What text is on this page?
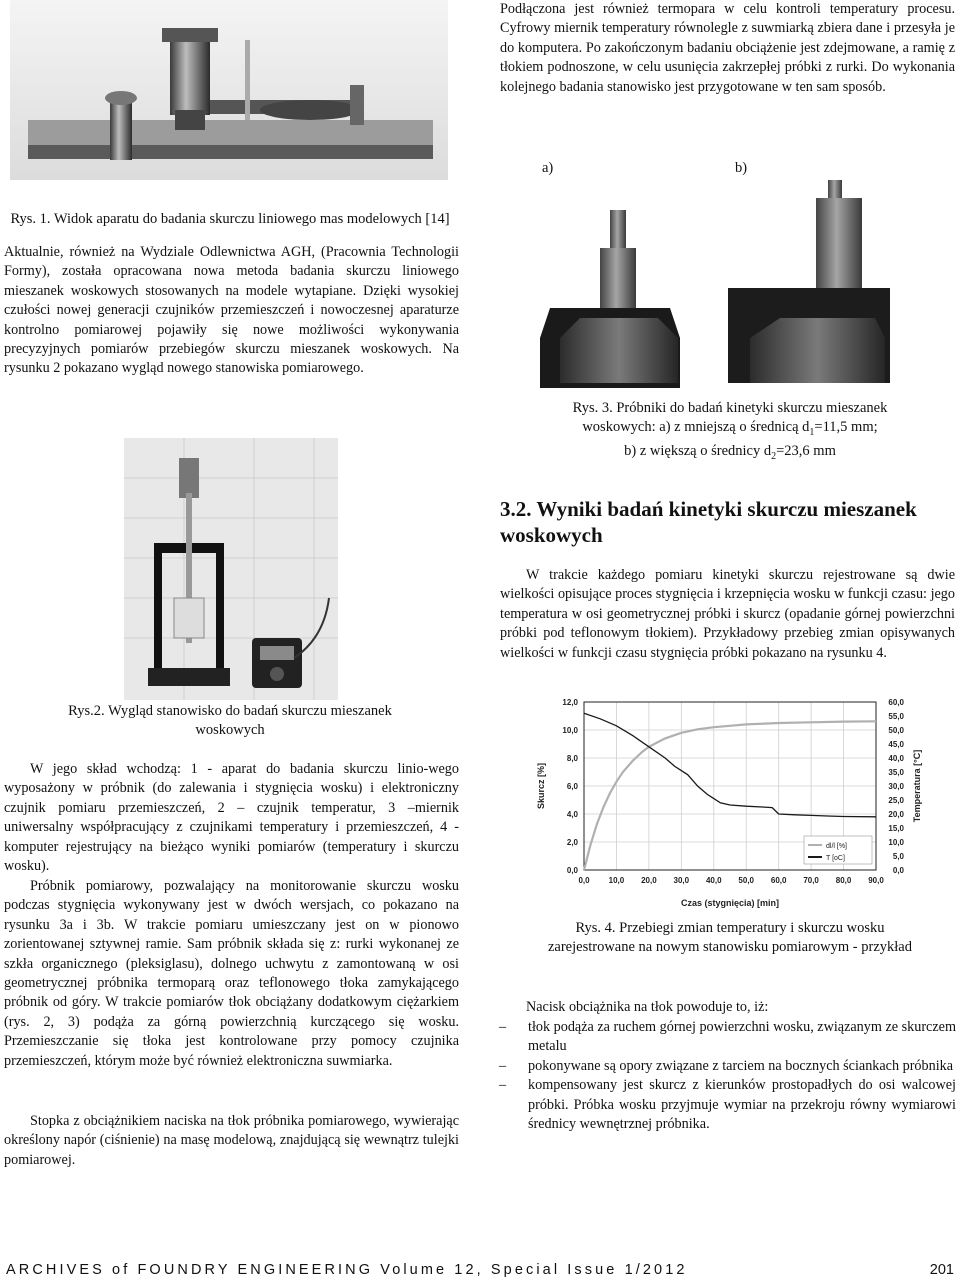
Rys. 1. Widok aparatu do badania skurczu liniowego mas modelowych [14]

Aktualnie, również na Wydziale Odlewnictwa AGH, (Pracownia Technologii Formy), została opracowana nowa metoda badania skurczu liniowego mieszanek woskowych stosowanych na modele wytapiane. Dzięki wysokiej czułości nowej generacji czujników przemieszczeń i nowoczesnej aparaturze kontrolno pomiarowej pojawiły się nowe możliwości wykonywania precyzyjnych pomiarów przebiegów skurczu mieszanek woskowych. Na rysunku 2 pokazano wygląd nowego stanowiska pomiarowego.

Rys.2. Wygląd stanowisko do badań skurczu mieszanek woskowych

W jego skład wchodzą: 1 - aparat do badania skurczu linio-wego wyposażony w próbnik (do zalewania i stygnięcia wosku) i elektroniczny czujnik pomiaru przemieszczeń, 2 – czujnik temperatur, 3 –miernik uniwersalny współpracujący z czujnikami temperatury i przemieszczeń, 4 - komputer rejestrujący na bieżąco wyniki pomiarów (temperatury i skurczu wosku).

Próbnik pomiarowy, pozwalający na monitorowanie skurczu wosku podczas stygnięcia wykonywany jest w dwóch wersjach, co pokazano na rysunku 3a i 3b. W trakcie pomiaru umieszczany jest on w pionowo zorientowanej sztywnej ramie. Sam próbnik składa się z: rurki wykonanej ze szkła organicznego (pleksiglasu), dolnego uchwytu z zamontowaną w osi geometrycznej próbnika termoparą oraz teflonowego tłoka zamykającego próbnik od góry. W trakcie pomiarów tłok obciążany dodatkowym ciężarkiem (rys. 2, 3) podąża za górną powierzchnią kurczącego się wosku. Przemieszczanie się tłoka jest kontrolowane przy pomocy czujnika przemieszczeń, którym może być również elektroniczna suwmiarka.

Stopka z obciążnikiem naciska na tłok próbnika pomiarowego, wywierając określony napór (ciśnienie) na masę modelową, znajdującą się wewnątrz tulejki pomiarowej.

Podłączona jest również termopara w celu kontroli temperatury procesu. Cyfrowy miernik temperatury równolegle z suwmiarką zbiera dane i przesyła je do komputera. Po zakończonym badaniu obciążenie jest zdejmowane, a ramię z tłokiem podnoszone, w celu usunięcia zakrzepłej próbki z rurki. Do wykonania kolejnego badania stanowisko jest przygotowane w ten sam sposób.

a)	b)

Rys. 3. Próbniki do badań kinetyki skurczu mieszanek
woskowych: a) z mniejszą o średnicą $d_1=11,5$ mm;
b) z większą o średnicy $d_2=23,6$ mm

3.2. Wyniki badań kinetyki skurczu mieszanek woskowych

W trakcie każdego pomiaru kinetyki skurczu rejestrowane są dwie wielkości opisujące proces stygnięcia i krzepnięcia wosku w funkcji czasu: jego temperatura w osi geometrycznej próbki i skurcz (opadanie górnej powierzchni próbki pod teflonowym tłokiem). Przykładowy przebieg zmian opisywanych wielkości w funkcji czasu stygnięcia próbki pokazano na rysunku 4.

0,0
2,0
4,0
6,0
8,0
10,0
12,0
0,0
5,0
10,0
15,0
20,0
25,0
30,0
35,0
40,0
45,0
50,0
55,0
60,0
0,0 10,0 20,0 30,0 40,0 50,0 60,0 70,0 80,0 90,0
Czas (stygnięcia) [min]
Skurcz [%]	Temperatura [°C]
dl/l [%]
T [oC]

Rys. 4. Przebiegi zmian temperatury i skurczu wosku zarejestrowane na nowym stanowisku pomiarowym - przykład

Nacisk obciążnika na tłok powoduje to, iż:

– tłok podąża za ruchem górnej powierzchni wosku, związanym ze skurczem metalu
– pokonywane są opory związane z tarciem na bocznych ściankach próbnika
– kompensowany jest skurcz z kierunków prostopadłych do osi walcowej próbki. Próbka wosku przyjmuje wymiar na przekroju równy wymiarowi średnicy wewnętrznej próbnika.
ARCHIVES of FOUNDRY ENGINEERING Volume 12, Special Issue 1/2012	201
